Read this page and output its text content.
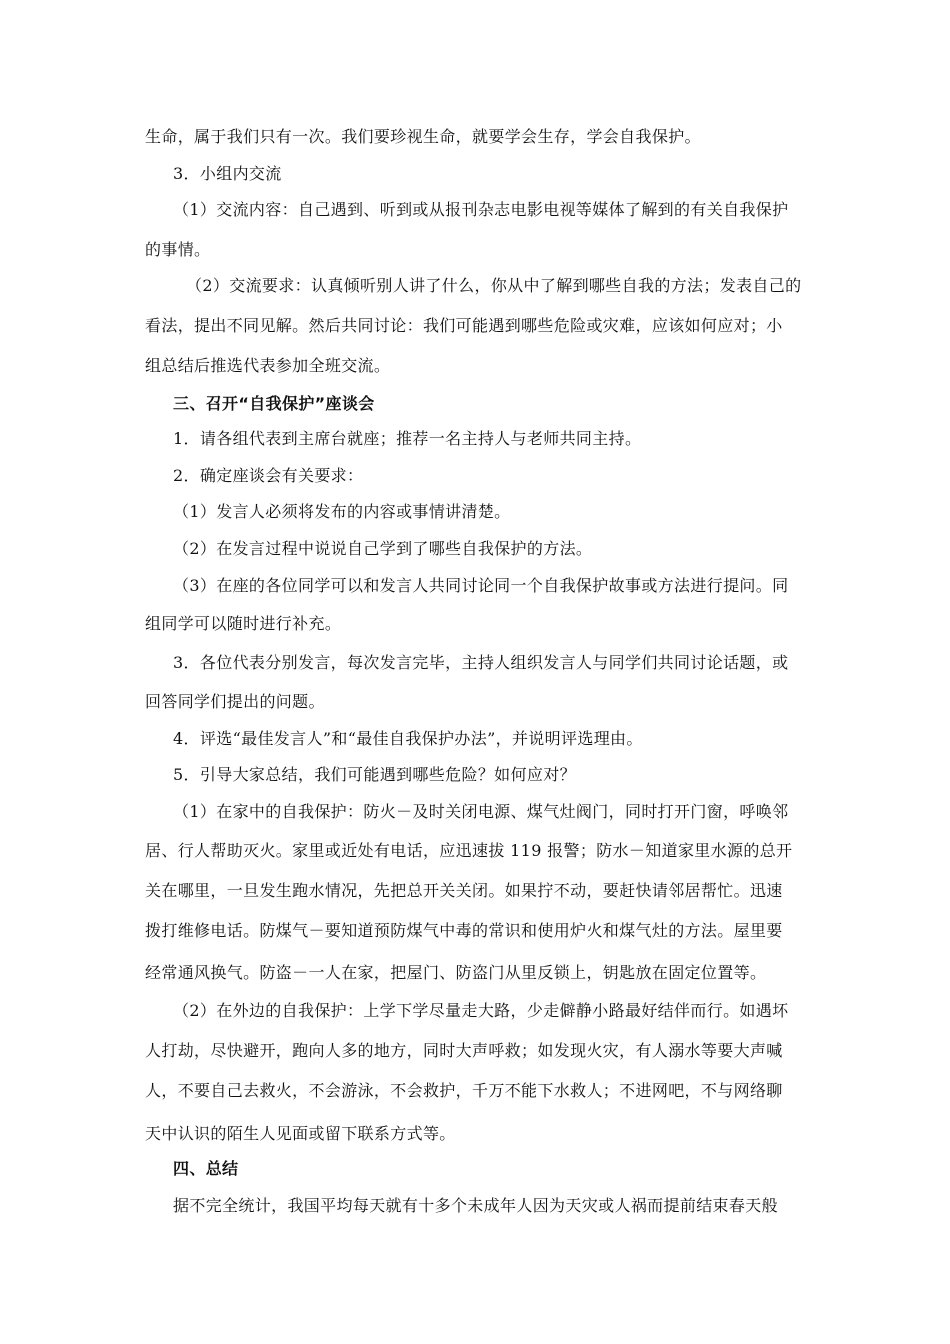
生命，属于我们只有一次。我们要珍视生命，就要学会生存，学会自我保护。
3．小组内交流
（1）交流内容：自己遇到、听到或从报刊杂志电影电视等媒体了解到的有关自我保护
的事情。
（2）交流要求：认真倾听别人讲了什么，你从中了解到哪些自我的方法；发表自己的
看法，提出不同见解。然后共同讨论：我们可能遇到哪些危险或灾难，应该如何应对；小
组总结后推选代表参加全班交流。
三、召开“自我保护”座谈会
1．请各组代表到主席台就座；推荐一名主持人与老师共同主持。
2．确定座谈会有关要求：
（1）发言人必须将发布的内容或事情讲清楚。
（2）在发言过程中说说自己学到了哪些自我保护的方法。
（3）在座的各位同学可以和发言人共同讨论同一个自我保护故事或方法进行提问。同
组同学可以随时进行补充。
3．各位代表分别发言，每次发言完毕，主持人组织发言人与同学们共同讨论话题，或
回答同学们提出的问题。
4．评选“最佳发言人”和“最佳自我保护办法”，并说明评选理由。
5．引导大家总结，我们可能遇到哪些危险？如何应对？
（1）在家中的自我保护：防火－及时关闭电源、煤气灶阀门，同时打开门窗，呼唤邻
居、行人帮助灭火。家里或近处有电话，应迅速拔 119 报警；防水－知道家里水源的总开
关在哪里，一旦发生跑水情况，先把总开关关闭。如果拧不动，要赶快请邻居帮忙。迅速
拨打维修电话。防煤气－要知道预防煤气中毒的常识和使用炉火和煤气灶的方法。屋里要
经常通风换气。防盗－一人在家，把屋门、防盗门从里反锁上，钥匙放在固定位置等。
（2）在外边的自我保护：上学下学尽量走大路，少走僻静小路最好结伴而行。如遇坏
人打劫，尽快避开，跑向人多的地方，同时大声呼救；如发现火灾，有人溺水等要大声喊
人，不要自己去救火，不会游泳，不会救护，千万不能下水救人；不进网吧，不与网络聊
天中认识的陌生人见面或留下联系方式等。
四、总结
据不完全统计，我国平均每天就有十多个未成年人因为天灾或人祸而提前结束春天般
